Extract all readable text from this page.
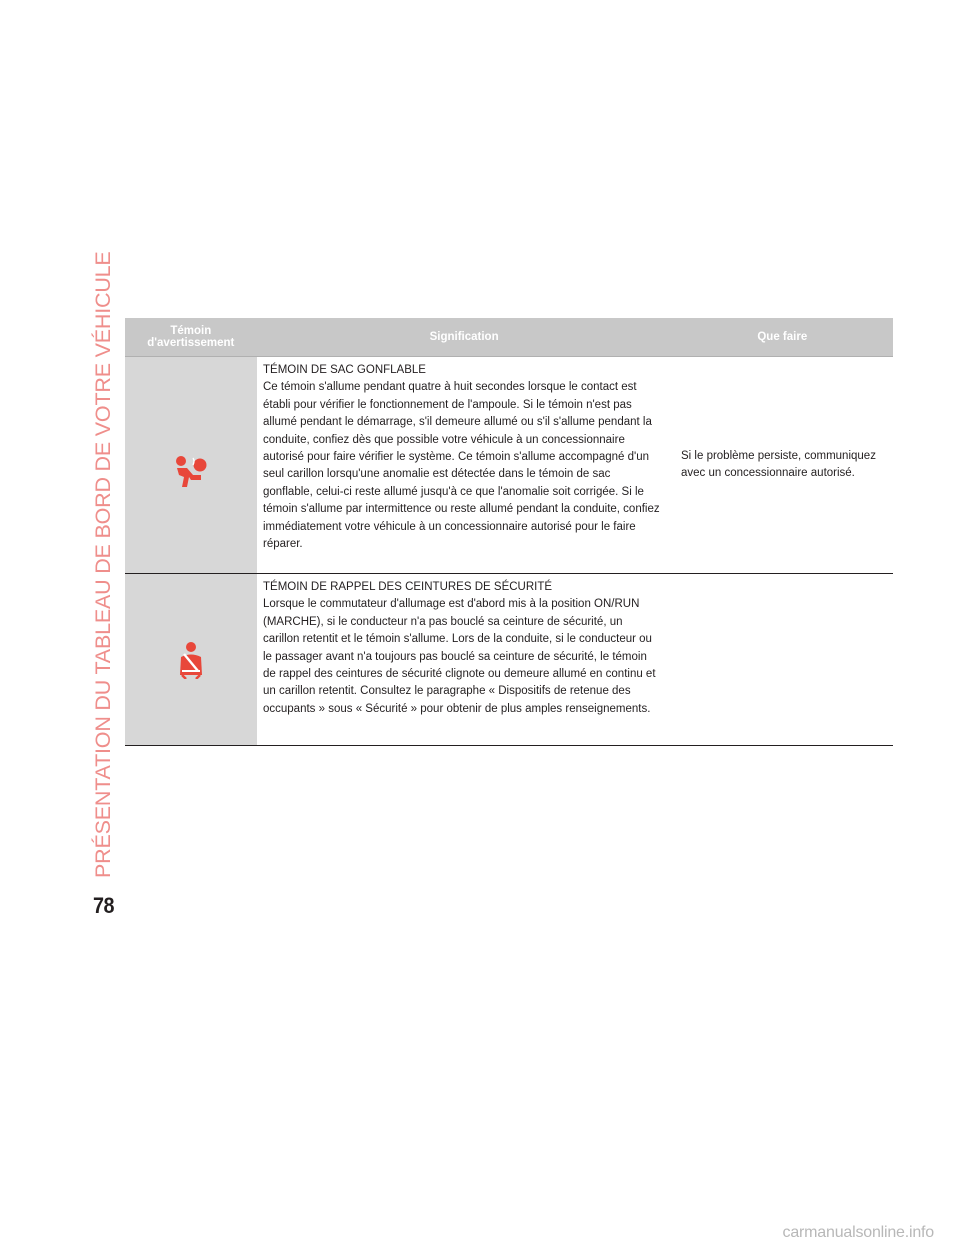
PRÉSENTATION DU TABLEAU DE BORD DE VOTRE VÉHICULE
78
Témoin
d'avertissement	Signification	Que faire

TÉMOIN DE SAC GONFLABLE

Ce témoin s'allume pendant quatre à huit secondes lorsque le contact est établi pour vérifier le fonctionnement de l'ampoule. Si le témoin n'est pas allumé pendant le démarrage, s'il demeure allumé ou s'il s'allume pendant la conduite, confiez dès que possible votre véhicule à un concessionnaire autorisé pour faire vérifier le système. Ce témoin s'allume accompagné d'un seul carillon lorsqu'une anomalie est détectée dans le témoin de sac gonflable, celui-ci reste allumé jusqu'à ce que l'anomalie soit corrigée. Si le témoin s'allume par intermittence ou reste allumé pendant la conduite, confiez immédiatement votre véhicule à un concessionnaire autorisé pour le faire réparer.

Si le problème persiste, communiquez avec un concessionnaire autorisé.

TÉMOIN DE RAPPEL DES CEINTURES DE SÉCURITÉ

Lorsque le commutateur d'allumage est d'abord mis à la position ON/RUN (MARCHE), si le conducteur n'a pas bouclé sa ceinture de sécurité, un carillon retentit et le témoin s'allume. Lors de la conduite, si le conducteur ou le passager avant n'a toujours pas bouclé sa ceinture de sécurité, le témoin de rappel des ceintures de sécurité clignote ou demeure allumé en continu et un carillon retentit. Consultez le paragraphe « Dispositifs de retenue des occupants » sous « Sécurité » pour obtenir de plus amples renseignements.

carmanualsonline.info
